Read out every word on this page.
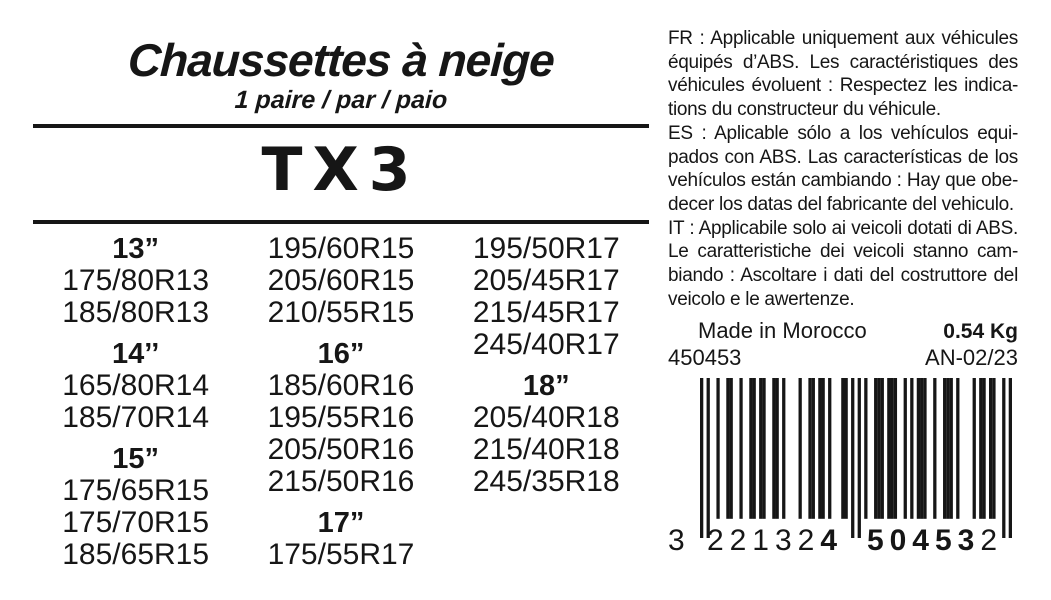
Chaussettes à neige
1 paire / par / paio
TX3
13”
175/80R13
185/80R13
14’’
165/80R14
185/70R14
15”
175/65R15
175/70R15
185/65R15
195/60R15
205/60R15
210/55R15
16”
185/60R16
195/55R16
205/50R16
215/50R16
17”
175/55R17
195/50R17
205/45R17
215/45R17
245/40R17
18”
205/40R18
215/40R18
245/35R18
FR : Applicable uniquement aux véhicules
équipés d’ABS. Les caractéristiques des
véhicules évoluent : Respectez les indica-
tions du constructeur du véhicule.
ES : Aplicable sólo a los vehículos equi-
pados con ABS. Las características de los
vehículos están cambiando : Hay que obe-
decer los datas del fabricante del vehiculo.
IT : Applicabile solo ai veicoli dotati di ABS.
Le caratteristiche dei veicoli stanno cam-
biando : Ascoltare i dati del costruttore del
veicolo e le awertenze.
Made in Morocco	0.54 Kg
450453	AN-02/23
3 221324 504532
